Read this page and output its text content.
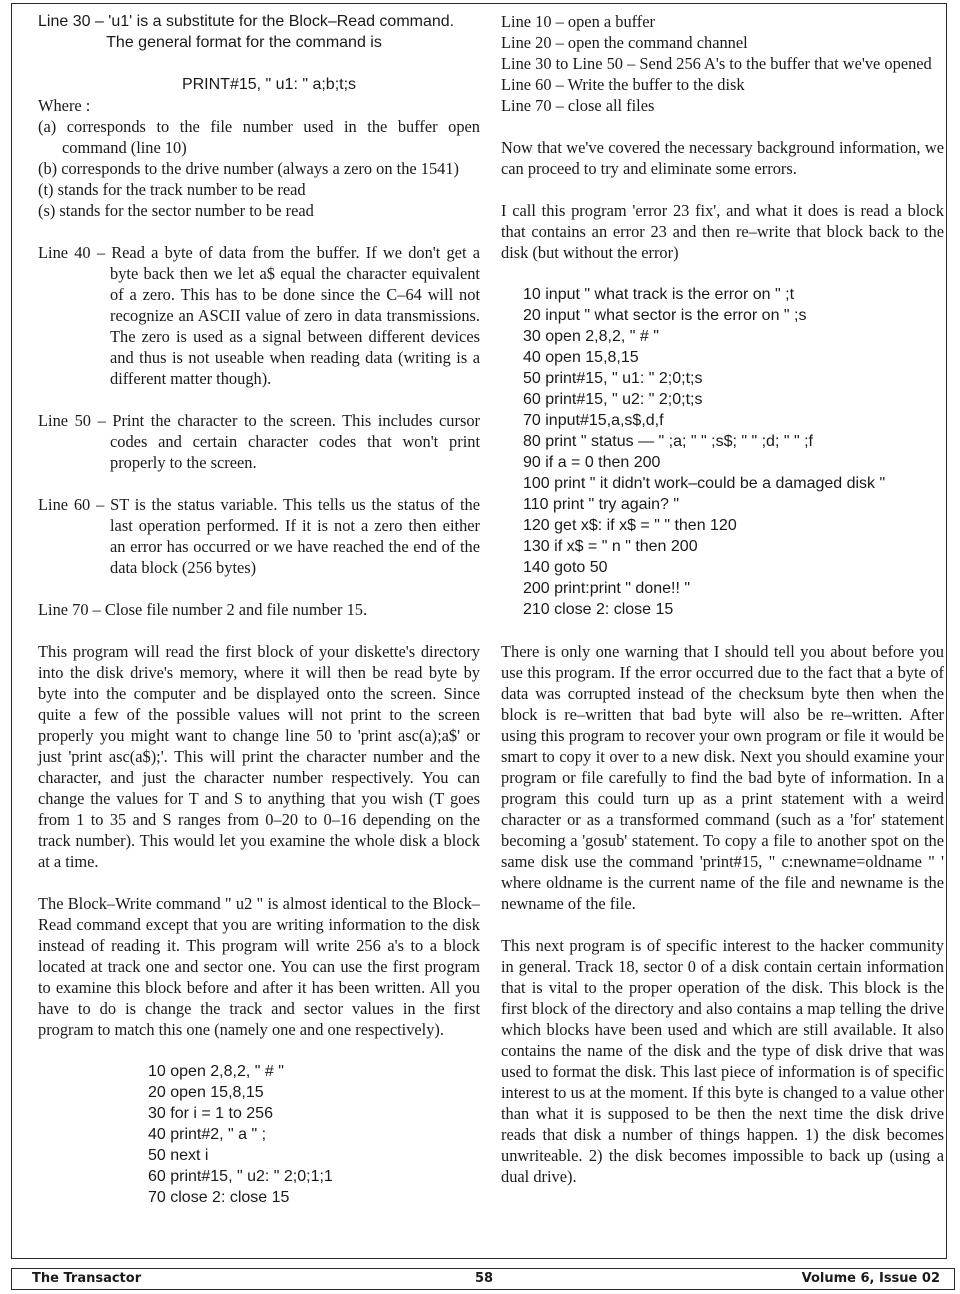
Line 30 – 'u1' is a substitute for the Block–Read command.

The general format for the command is

PRINT#15, " u1: " a;b;t;s

Where :

(a) corresponds to the file number used in the buffer open command (line 10)

(b) corresponds to the drive number (always a zero on the 1541)

(t) stands for the track number to be read

(s) stands for the sector number to be read

Line 40 – Read a byte of data from the buffer. If we don't get a byte back then we let a$ equal the character equivalent of a zero. This has to be done since the C–64 will not recognize an ASCII value of zero in data transmissions. The zero is used as a signal between different devices and thus is not useable when reading data (writing is a different matter though).

Line 50 – Print the character to the screen. This includes cursor codes and certain character codes that won't print properly to the screen.

Line 60 – ST is the status variable. This tells us the status of the last operation performed. If it is not a zero then either an error has occurred or we have reached the end of the data block (256 bytes)

Line 70 – Close file number 2 and file number 15.

This program will read the first block of your diskette's directory into the disk drive's memory, where it will then be read byte by byte into the computer and be displayed onto the screen. Since quite a few of the possible values will not print to the screen properly you might want to change line 50 to 'print asc(a);a$' or just 'print asc(a$);'. This will print the character number and the character, and just the character number respectively. You can change the values for T and S to anything that you wish (T goes from 1 to 35 and S ranges from 0–20 to 0–16 depending on the track number). This would let you examine the whole disk a block at a time.

The Block–Write command " u2 " is almost identical to the Block–Read command except that you are writing information to the disk instead of reading it. This program will write 256 a's to a block located at track one and sector one. You can use the first program to examine this block before and after it has been written. All you have to do is change the track and sector values in the first program to match this one (namely one and one respectively).

10 open 2,8,2, " # "
20 open 15,8,15
30 for i = 1 to 256
40 print#2, " a " ;
50 next i
60 print#15, " u2: " 2;0;1;1
70 close 2: close 15

Line 10 – open a buffer

Line 20 – open the command channel

Line 30 to Line 50 – Send 256 A's to the buffer that we've opened

Line 60 – Write the buffer to the disk

Line 70 – close all files

Now that we've covered the necessary background information, we can proceed to try and eliminate some errors.

I call this program 'error 23 fix', and what it does is read a block that contains an error 23 and then re–write that block back to the disk (but without the error)

10 input " what track is the error on " ;t
20 input " what sector is the error on " ;s
30 open 2,8,2, " # "
40 open 15,8,15
50 print#15, " u1: " 2;0;t;s
60 print#15, " u2: " 2;0;t;s
70 input#15,a,s$,d,f
80 print " status — " ;a; " " ;s$; " " ;d; " " ;f
90 if a = 0 then 200
100 print " it didn't work–could be a damaged disk "
110 print " try again? "
120 get x$: if x$ = " " then 120
130 if x$ = " n " then 200
140 goto 50
200 print:print " done!! "
210 close 2: close 15

There is only one warning that I should tell you about before you use this program. If the error occurred due to the fact that a byte of data was corrupted instead of the checksum byte then when the block is re–written that bad byte will also be re–written. After using this program to recover your own program or file it would be smart to copy it over to a new disk. Next you should examine your program or file carefully to find the bad byte of information. In a program this could turn up as a print statement with a weird character or as a transformed command (such as a 'for' statement becoming a 'gosub' statement. To copy a file to another spot on the same disk use the command 'print#15, " c:newname=oldname " ' where oldname is the current name of the file and newname is the newname of the file.

This next program is of specific interest to the hacker community in general. Track 18, sector 0 of a disk contain certain information that is vital to the proper operation of the disk. This block is the first block of the directory and also contains a map telling the drive which blocks have been used and which are still available. It also contains the name of the disk and the type of disk drive that was used to format the disk. This last piece of information is of specific interest to us at the moment. If this byte is changed to a value other than what it is supposed to be then the next time the disk drive reads that disk a number of things happen. 1) the disk becomes unwriteable. 2) the disk becomes impossible to back up (using a dual drive).

The Transactor	58	Volume 6, Issue 02
